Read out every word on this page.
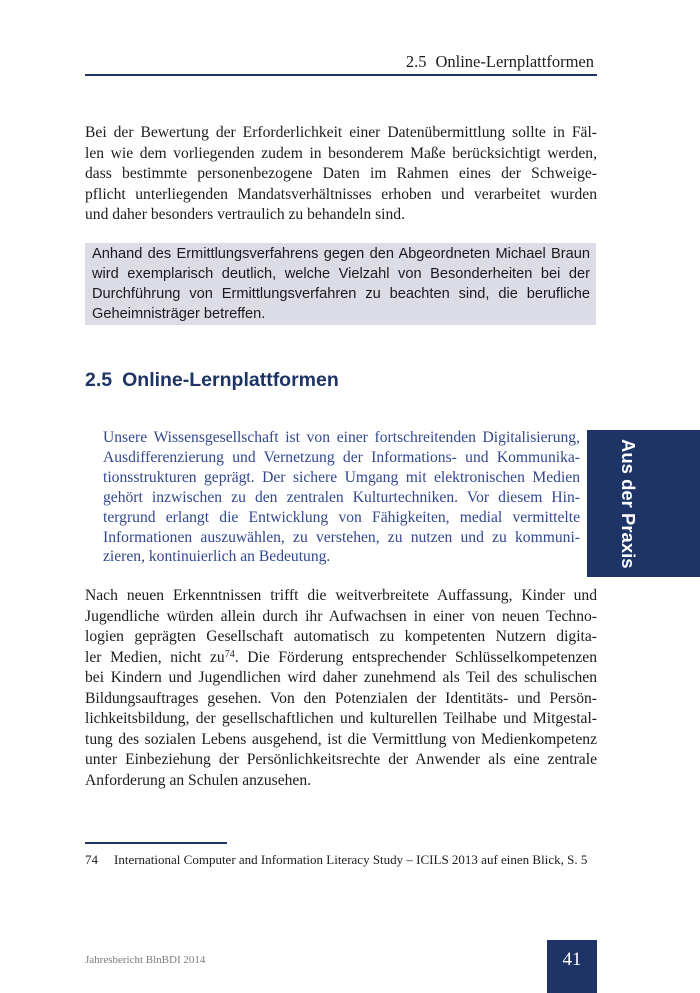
2.5 Online-Lernplattformen
Bei der Bewertung der Erforderlichkeit einer Datenübermittlung sollte in Fäl-
len wie dem vorliegenden zudem in besonderem Maße berücksichtigt werden,
dass bestimmte personenbezogene Daten im Rahmen eines der Schweige-
pflicht unterliegenden Mandatsverhältnisses erhoben und verarbeitet wurden
und daher besonders vertraulich zu behandeln sind.
Anhand des Ermittlungsverfahrens gegen den Abgeordneten Michael Braun
wird exemplarisch deutlich, welche Vielzahl von Besonderheiten bei der
Durchführung von Ermittlungsverfahren zu beachten sind, die berufliche
Geheimnisträger betreffen.
2.5 Online-Lernplattformen
Unsere Wissensgesellschaft ist von einer fortschreitenden Digitalisierung,
Ausdifferenzierung und Vernetzung der Informations- und Kommunika-
tionsstrukturen geprägt. Der sichere Umgang mit elektronischen Medien
gehört inzwischen zu den zentralen Kulturtechniken. Vor diesem Hin-
tergrund erlangt die Entwicklung von Fähigkeiten, medial vermittelte
Informationen auszuwählen, zu verstehen, zu nutzen und zu kommuni-
zieren, kontinuierlich an Bedeutung.	Aus der Praxis
Nach neuen Erkenntnissen trifft die weitverbreitete Auffassung, Kinder und
Jugendliche würden allein durch ihr Aufwachsen in einer von neuen Techno-
logien geprägten Gesellschaft automatisch zu kompetenten Nutzern digita-
ler Medien, nicht zu$^{74}$. Die Förderung entsprechender Schlüsselkompetenzen
bei Kindern und Jugendlichen wird daher zunehmend als Teil des schulischen
Bildungsauftrages gesehen. Von den Potenzialen der Identitäts- und Persön-
lichkeitsbildung, der gesellschaftlichen und kulturellen Teilhabe und Mitgestal-
tung des sozialen Lebens ausgehend, ist die Vermittlung von Medienkompetenz
unter Einbeziehung der Persönlichkeitsrechte der Anwender als eine zentrale
Anforderung an Schulen anzusehen.
74 International Computer and Information Literacy Study – ICILS 2013 auf einen Blick, S. 5
Jahresbericht BlnBDI 2014	41
